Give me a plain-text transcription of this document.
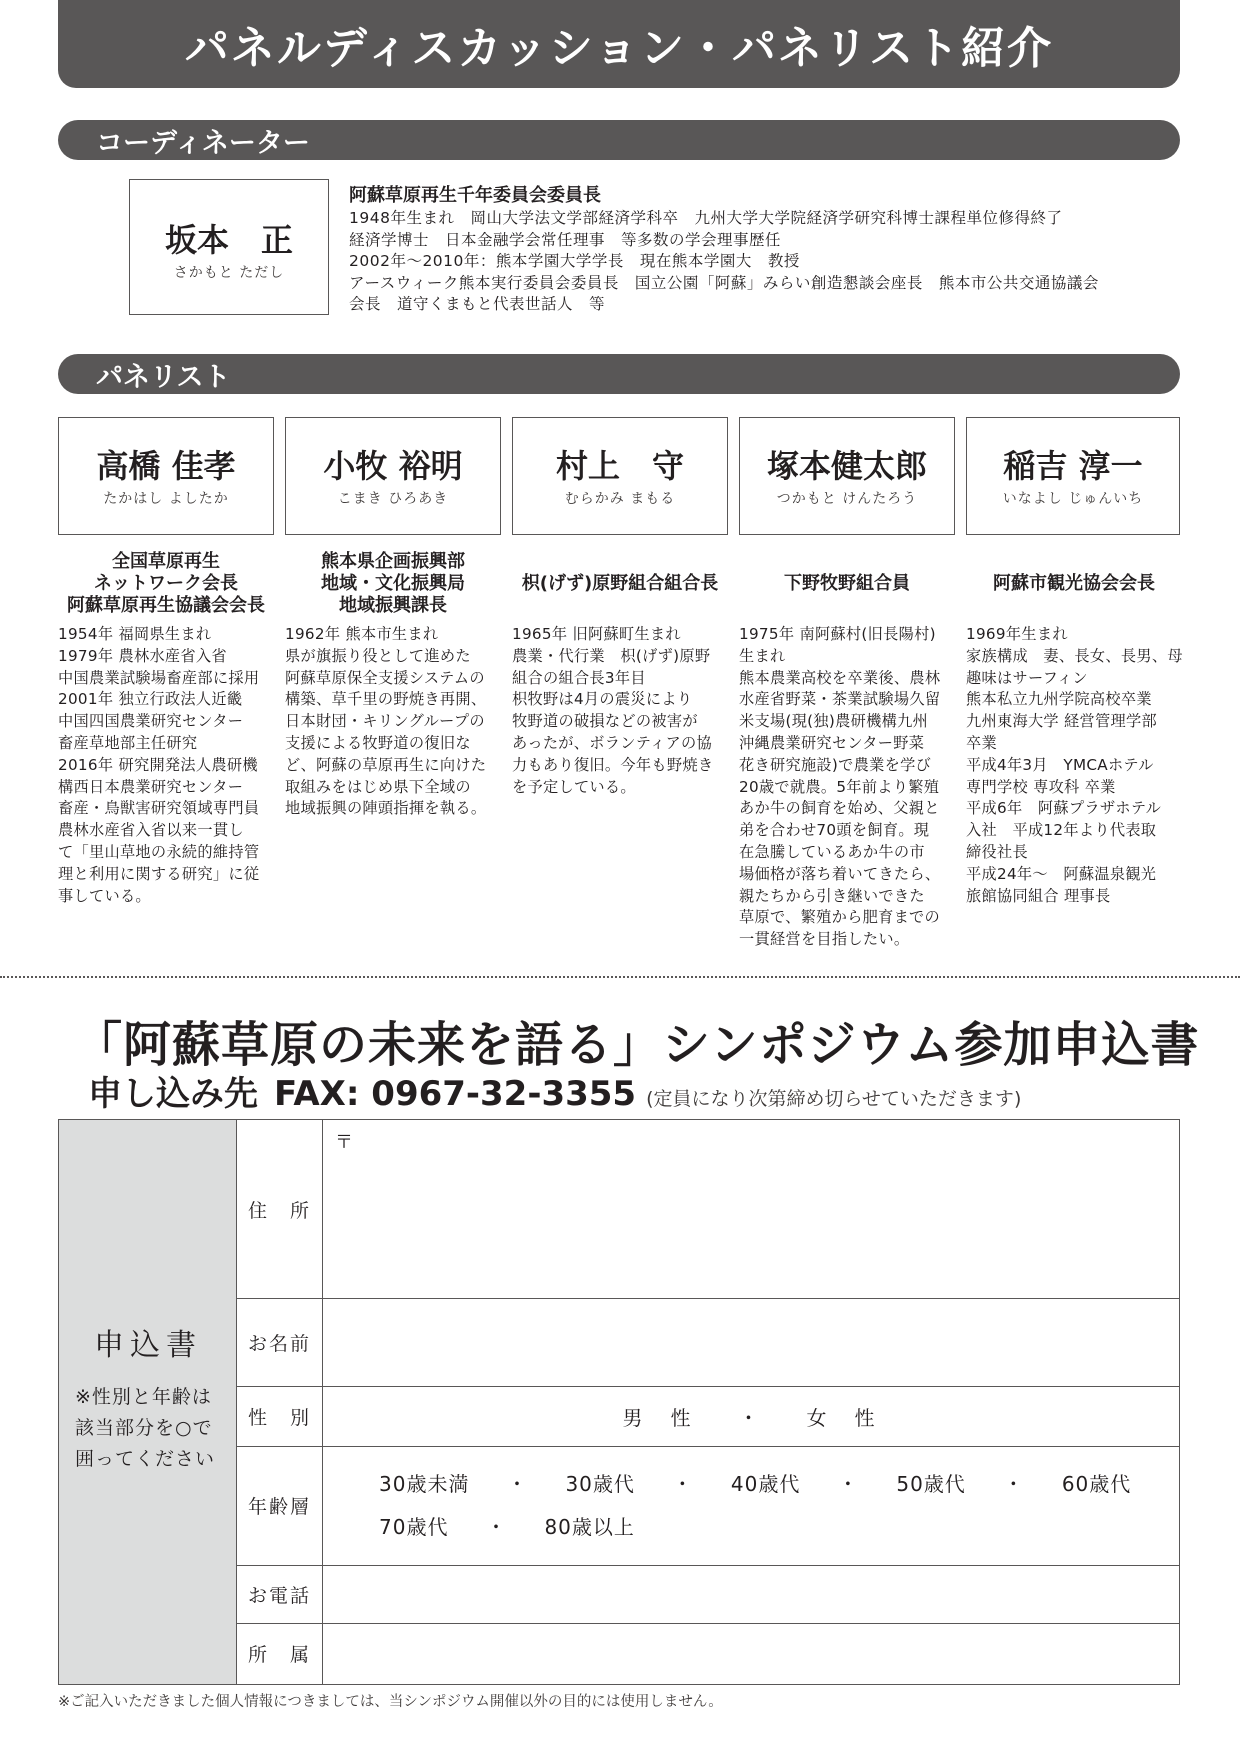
パネルディスカッション・パネリスト紹介
コーディネーター
坂本　正
さかもと ただし
阿蘇草原再生千年委員会委員長
1948年生まれ　岡山大学法文学部経済学科卒　九州大学大学院経済学研究科博士課程単位修得終了
経済学博士　日本金融学会常任理事　等多数の学会理事歴任
2002年〜2010年：熊本学園大学学長　現在熊本学園大　教授
アースウィーク熊本実行委員会委員長　国立公園「阿蘇」みらい創造懇談会座長　熊本市公共交通協議会
会長　道守くまもと代表世話人　等
パネリスト
高橋 佳孝
たかはし よしたか
全国草原再生
ネットワーク会長
阿蘇草原再生協議会会長
1954年 福岡県生まれ
1979年 農林水産省入省
中国農業試験場畜産部に採用
2001年 独立行政法人近畿
中国四国農業研究センター
畜産草地部主任研究
2016年 研究開発法人農研機
構西日本農業研究センター
畜産・鳥獣害研究領域専門員
農林水産省入省以来一貫し
て「里山草地の永続的維持管
理と利用に関する研究」に従
事している。
小牧 裕明
こまき ひろあき
熊本県企画振興部
地域・文化振興局
地域振興課長
1962年 熊本市生まれ
県が旗振り役として進めた
阿蘇草原保全支援システムの
構築、草千里の野焼き再開、
日本財団・キリングループの
支援による牧野道の復旧な
ど、阿蘇の草原再生に向けた
取組みをはじめ県下全域の
地域振興の陣頭指揮を執る。
村上　守
むらかみ まもる
枳(げず)原野組合組合長
1965年 旧阿蘇町生まれ
農業・代行業　枳(げず)原野
組合の組合長3年目
枳牧野は4月の震災により
牧野道の破損などの被害が
あったが、ボランティアの協
力もあり復旧。今年も野焼き
を予定している。
塚本健太郎
つかもと けんたろう
下野牧野組合員
1975年 南阿蘇村(旧長陽村)
生まれ
熊本農業高校を卒業後、農林
水産省野菜・茶業試験場久留
米支場(現(独)農研機構九州
沖縄農業研究センター野菜
花き研究施設)で農業を学び
20歳で就農。5年前より繁殖
あか牛の飼育を始め、父親と
弟を合わせ70頭を飼育。現
在急騰しているあか牛の市
場価格が落ち着いてきたら、
親たちから引き継いできた
草原で、繁殖から肥育までの
一貫経営を目指したい。
稲吉 淳一
いなよし じゅんいち
阿蘇市観光協会会長
1969年生まれ
家族構成　妻、長女、長男、母
趣味はサーフィン
熊本私立九州学院高校卒業
九州東海大学 経営管理学部
卒業
平成4年3月　YMCAホテル
専門学校 専攻科 卒業
平成6年　阿蘇プラザホテル
入社　平成12年より代表取
締役社長
平成24年〜　阿蘇温泉観光
旅館協同組合 理事長
「阿蘇草原の未来を語る」シンポジウム参加申込書
申し込み先 FAX: 0967-32-3355 (定員になり次第締め切らせていただきます)
申込書
※性別と年齢は
該当部分を○で
囲ってください
住　所
〒
お名前
性　別	男　性 ・ 女　性
年齢層
30歳未満	・	30歳代	・	40歳代	・	50歳代	・	60歳代
70歳代	・	80歳以上
お電話
所　属
※ご記入いただきました個人情報につきましては、当シンポジウム開催以外の目的には使用しません。
